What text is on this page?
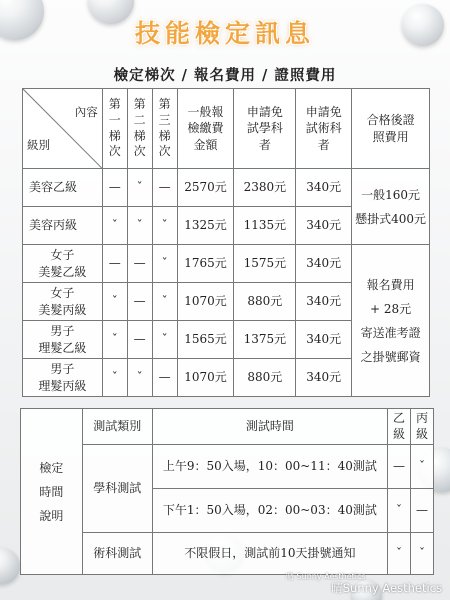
技能檢定訊息
檢定梯次 / 報名費用 / 證照費用
內容
級別	第
一
梯
次	第
二
梯
次	第
三
梯
次	一般報
檢繳費
金額	申請免
試學科
者	申請免
試術科
者	合格後證
照費用
美容乙級	—	ˇ	—	2570元	2380元	340元	一般160元
懸掛式400元
美容丙級	ˇ	ˇ	ˇ	1325元	1135元	340元	
女子
美髮乙級	—	—	ˇ	1765元	1575元	340元	報名費用
+ 28元
寄送准考證
之掛號郵資
女子
美髮丙級	ˇ	—	ˇ	1070元	880元	340元	
男子
理髮乙級	ˇ	—	ˇ	1565元	1375元	340元	
男子
理髮丙級	ˇ	ˇ	—	1070元	880元	340元	
檢定
時間
說明	測試類別	測試時間	乙
級	丙
級
	學科測試	上午9：50入場，10：00~11：40測試	—	ˇ
		下午1：50入場，02：00~03：40測試	ˇ	—
	術科測試	不限假日，測試前10天掛號通知	ˇ	ˇ
晴 Sunny Aesthetics
晴Sunny Aesthetics
